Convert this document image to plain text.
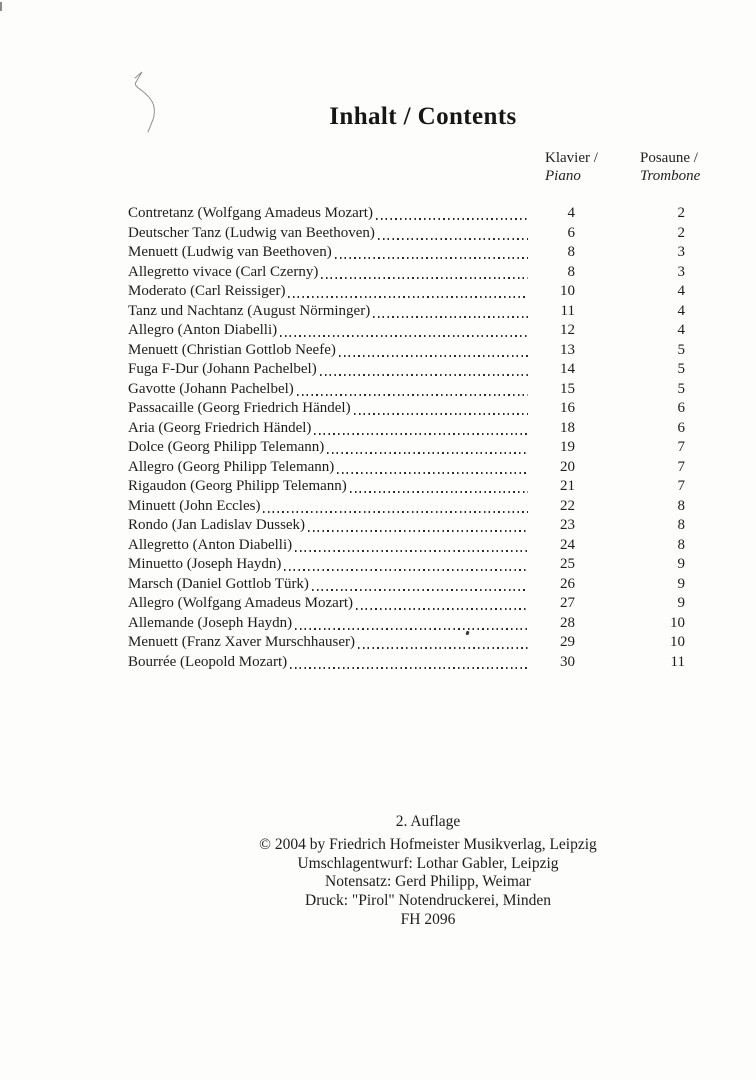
Inhalt / Contents
Klavier /
Piano
Posaune /
Trombone
Contretanz (Wolfgang Amadeus Mozart)	4	2
Deutscher Tanz (Ludwig van Beethoven)	6	2
Menuett (Ludwig van Beethoven)	8	3
Allegretto vivace (Carl Czerny)	8	3
Moderato (Carl Reissiger)	10	4
Tanz und Nachtanz (August Nörminger)	11	4
Allegro (Anton Diabelli)	12	4
Menuett (Christian Gottlob Neefe)	13	5
Fuga F-Dur (Johann Pachelbel)	14	5
Gavotte (Johann Pachelbel)	15	5
Passacaille (Georg Friedrich Händel)	16	6
Aria (Georg Friedrich Händel)	18	6
Dolce (Georg Philipp Telemann)	19	7
Allegro (Georg Philipp Telemann)	20	7
Rigaudon (Georg Philipp Telemann)	21	7
Minuett (John Eccles)	22	8
Rondo (Jan Ladislav Dussek)	23	8
Allegretto (Anton Diabelli)	24	8
Minuetto (Joseph Haydn)	25	9
Marsch (Daniel Gottlob Türk)	26	9
Allegro (Wolfgang Amadeus Mozart)	27	9
Allemande (Joseph Haydn)	28	10
Menuett (Franz Xaver Murschhauser)	29	10
Bourrée (Leopold Mozart)	30	11
2. Auflage
© 2004 by Friedrich Hofmeister Musikverlag, Leipzig
Umschlagentwurf: Lothar Gabler, Leipzig
Notensatz: Gerd Philipp, Weimar
Druck: "Pirol" Notendruckerei, Minden
FH 2096
